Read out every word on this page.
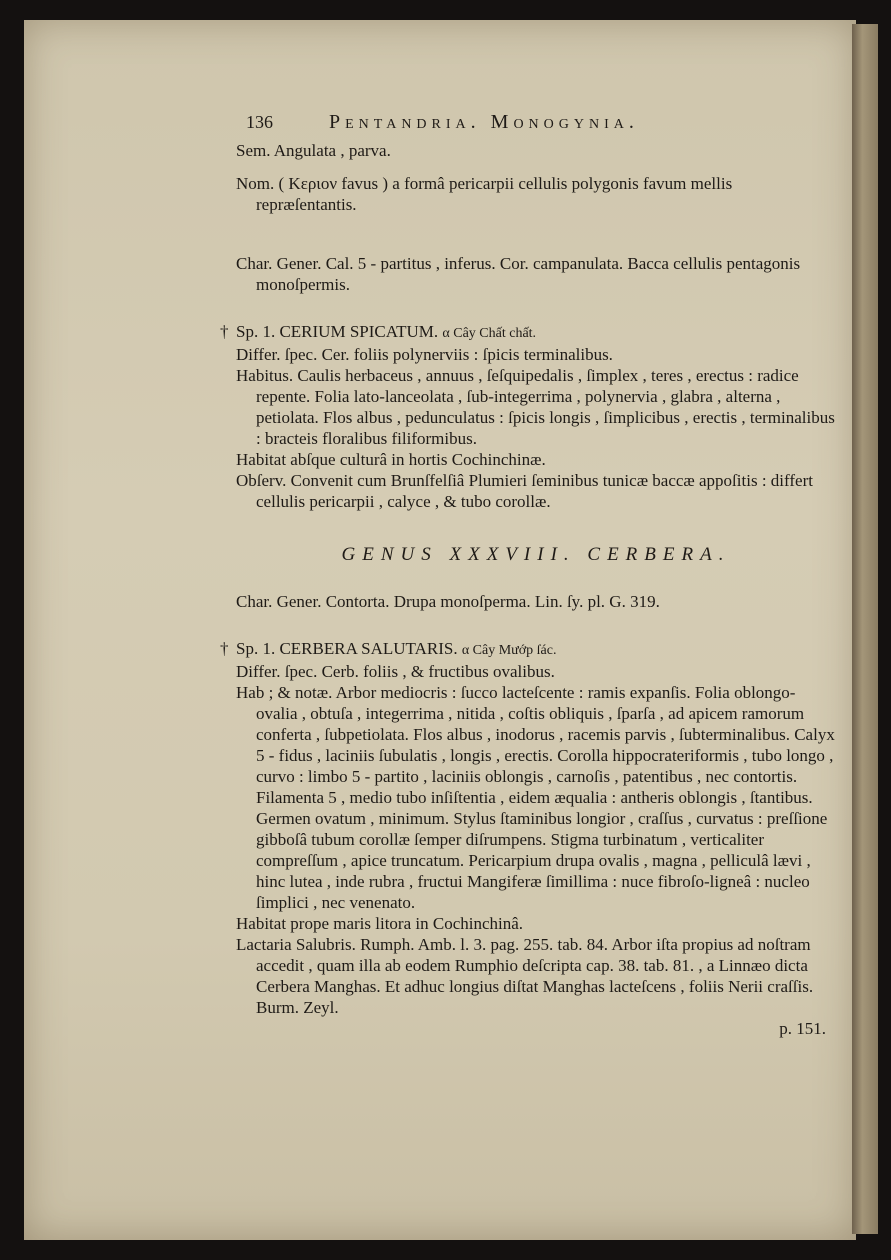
136	Pentandria. Monogynia.

Sem. Angulata , parva.

Nom. ( Κεριον favus ) a formâ pericarpii cellulis polygonis favum mellis repræſentantis.

Char. Gener. Cal. 5 - partitus , inferus. Cor. campanulata. Bacca cellulis pentagonis monoſpermis.

† Sp. 1. CERIUM SPICATUM. α Cây Chất chất.

Differ. ſpec. Cer. foliis polynerviis : ſpicis terminalibus.

Habitus. Caulis herbaceus , annuus , ſeſquipedalis , ſimplex , teres , erectus : radice repente. Folia lato-lanceolata , ſub-integerrima , polynervia , glabra , alterna , petiolata. Flos albus , pedunculatus : ſpicis longis , ſimplicibus , erectis , terminalibus : bracteis floralibus filiformibus.

Habitat abſque culturâ in hortis Cochinchinæ.

Obſerv. Convenit cum Brunſfelſiâ Plumieri ſeminibus tunicæ baccæ appoſitis : differt cellulis pericarpii , calyce , & tubo corollæ.

GENUS XXXVIII. CERBERA.

Char. Gener. Contorta. Drupa monoſperma. Lin. ſy. pl. G. 319.

† Sp. 1. CERBERA SALUTARIS. α Cây Mướp ſác.

Differ. ſpec. Cerb. foliis , & fructibus ovalibus.

Hab ; & notæ. Arbor mediocris : ſucco lacteſcente : ramis expanſis. Folia oblongo-ovalia , obtuſa , integerrima , nitida , coſtis obliquis , ſparſa , ad apicem ramorum conferta , ſubpetiolata. Flos albus , inodorus , racemis parvis , ſubterminalibus. Calyx 5 - fidus , laciniis ſubulatis , longis , erectis. Corolla hippocrateriformis , tubo longo , curvo : limbo 5 - partito , laciniis oblongis , carnoſis , patentibus , nec contortis. Filamenta 5 , medio tubo inſiſtentia , eidem æqualia : antheris oblongis , ſtantibus. Germen ovatum , minimum. Stylus ſtaminibus longior , craſſus , curvatus : preſſione gibboſâ tubum corollæ ſemper diſrumpens. Stigma turbinatum , verticaliter compreſſum , apice truncatum. Pericarpium drupa ovalis , magna , pelliculâ lævi , hinc lutea , inde rubra , fructui Mangiferæ ſimillima : nuce fibroſo-ligneâ : nucleo ſimplici , nec venenato.

Habitat prope maris litora in Cochinchinâ.

Lactaria Salubris. Rumph. Amb. l. 3. pag. 255. tab. 84. Arbor iſta propius ad noſtram accedit , quam illa ab eodem Rumphio deſcripta cap. 38. tab. 81. , a Linnæo dicta Cerbera Manghas. Et adhuc longius diſtat Manghas lacteſcens , foliis Nerii craſſis. Burm. Zeyl.

p. 151.
